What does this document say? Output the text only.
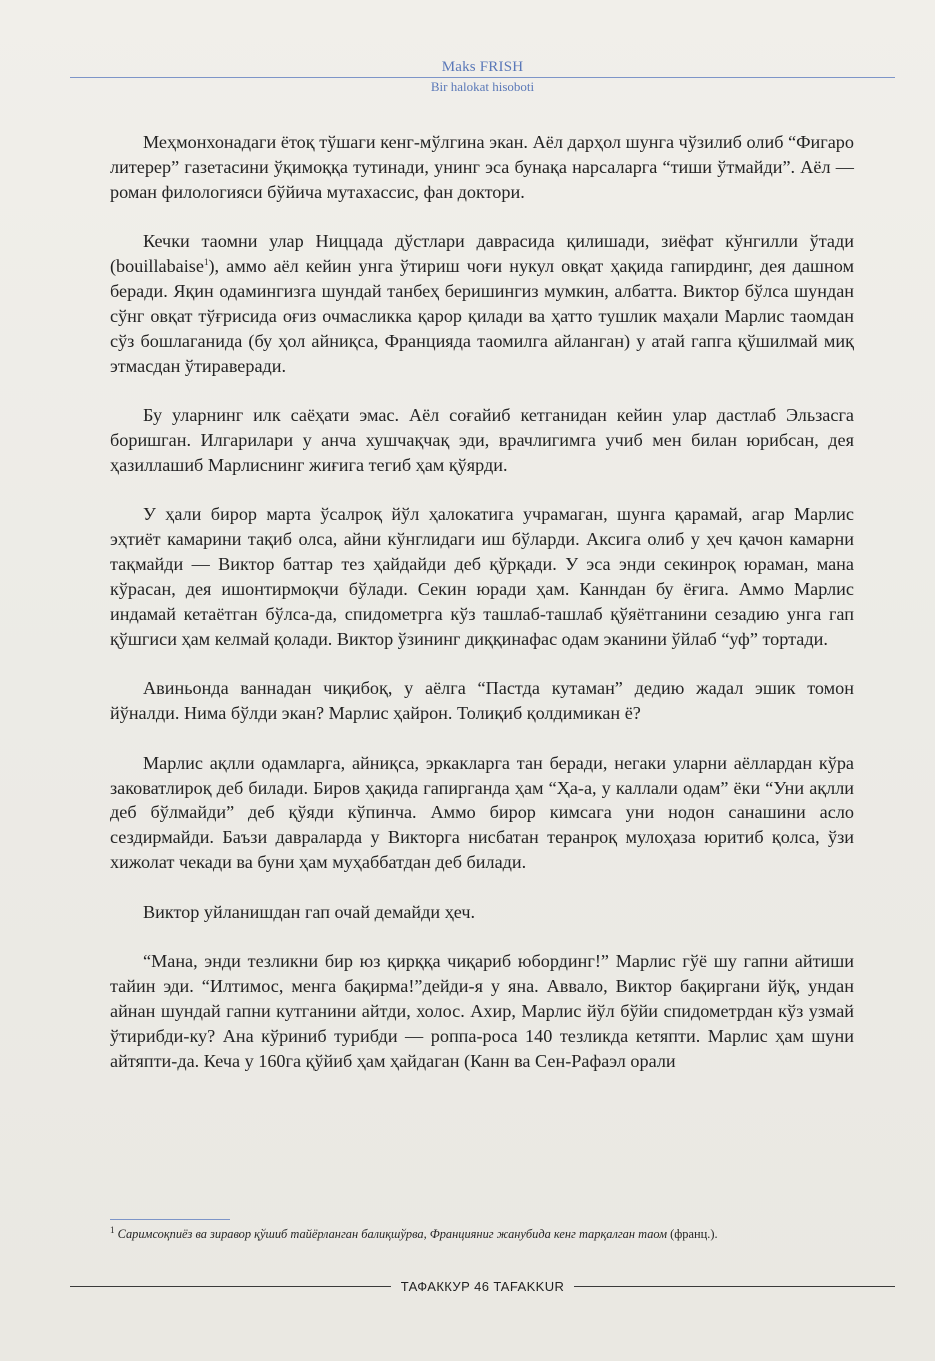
Maks FRISH
Bir halokat hisoboti

Меҳмонхонадаги ётоқ тўшаги кенг-мўлгина экан. Аёл дарҳол шунга чўзилиб олиб “Фигаро литерер” газетасини ўқимоққа тутинади, унинг эса бунақа нарсаларга “тиши ўтмайди”. Аёл — роман филологияси бўйича мутахассис, фан доктори.

Кечки таомни улар Ниццада дўстлари даврасида қилишади, зиёфат кўнгилли ўтади (bouillabaise$^1$), аммо аёл кейин унга ўтириш чоғи нукул овқат ҳақида гапирдинг, дея дашном беради. Яқин одамингизга шундай танбеҳ беришингиз мумкин, албатта. Виктор бўлса шундан сўнг овқат тўғрисида оғиз очмасликка қарор қилади ва ҳатто тушлик маҳали Марлис таомдан сўз бошлаганида (бу ҳол айниқса, Францияда таомилга айланган) у атай гапга қўшилмай миқ этмасдан ўтираверади.

Бу уларнинг илк саёҳати эмас. Аёл соғайиб кетганидан кейин улар дастлаб Эльзасга боришган. Илгарилари у анча хушчақчақ эди, врачлигимга учиб мен билан юрибсан, дея ҳазиллашиб Марлиснинг жиғига тегиб ҳам қўярди.

У ҳали бирор марта ўсалроқ йўл ҳалокатига учрамаган, шунга қарамай, агар Марлис эҳтиёт камарини тақиб олса, айни кўнглидаги иш бўларди. Аксига олиб у ҳеч қачон камарни тақмайди — Виктор баттар тез ҳайдайди деб қўрқади. У эса энди секинроқ юраман, мана кўрасан, дея ишонтирмоқчи бўлади. Секин юради ҳам. Канндан бу ёғига. Аммо Марлис индамай кетаётган бўлса-да, спидометрга кўз ташлаб-ташлаб қўяётганини сезадию унга гап қўшгиси ҳам келмай қолади. Виктор ўзининг диққинафас одам эканини ўйлаб “уф” тортади.

Авиньонда ваннадан чиқибоқ, у аёлга “Пастда кутаман” дедию жадал эшик томон йўналди. Нима бўлди экан? Марлис ҳайрон. Толиқиб қолдимикан ё?

Марлис ақлли одамларга, айниқса, эркакларга тан беради, негаки уларни аёллардан кўра заковатлироқ деб билади. Биров ҳақида гапирганда ҳам “Ҳа-а, у каллали одам” ёки “Уни ақлли деб бўлмайди” деб қўяди кўпинча. Аммо бирор кимсага уни нодон санашини асло сездирмайди. Баъзи давраларда у Викторга нисбатан теранроқ мулоҳаза юритиб қолса, ўзи хижолат чекади ва буни ҳам муҳаббатдан деб билади.

Виктор уйланишдан гап очай демайди ҳеч.

“Мана, энди тезликни бир юз қирққа чиқариб юбординг!” Марлис гўё шу гапни айтиши тайин эди. “Илтимос, менга бақирма!”дейди-я у яна. Аввало, Виктор бақиргани йўқ, ундан айнан шундай гапни кутганини айтди, холос. Ахир, Марлис йўл бўйи спидометрдан кўз узмай ўтирибди-ку? Ана кўриниб турибди — роппа-роса 140 тезликда кетяпти. Марлис ҳам шуни айтяпти-да. Кеча у 160га қўйиб ҳам ҳайдаган (Канн ва Сен-Рафаэл орали

$^1$ Саримсоқпиёз ва зиравор қўшиб тайёрланган балиқшўрва, Францияниг жанубида кенг тарқалган таом (франц.).
ТАФАККУР 46 TAFAKKUR
